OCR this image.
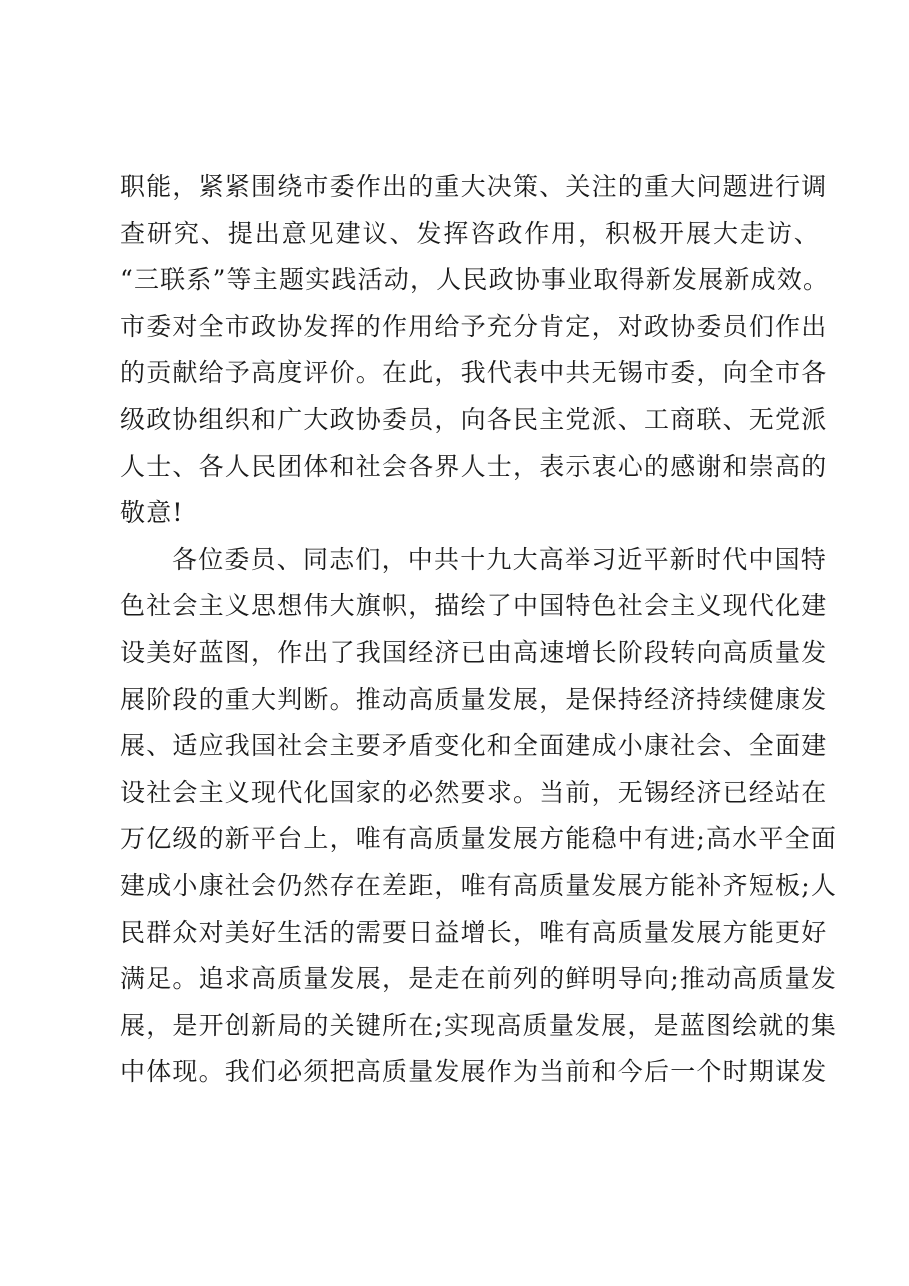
职能，紧紧围绕市委作出的重大决策、关注的重大问题进行调
查研究、提出意见建议、发挥咨政作用，积极开展大走访、
“三联系”等主题实践活动，人民政协事业取得新发展新成效。
市委对全市政协发挥的作用给予充分肯定，对政协委员们作出
的贡献给予高度评价。在此，我代表中共无锡市委，向全市各
级政协组织和广大政协委员，向各民主党派、工商联、无党派
人士、各人民团体和社会各界人士，表示衷心的感谢和崇高的
敬意!
各位委员、同志们，中共十九大高举习近平新时代中国特
色社会主义思想伟大旗帜，描绘了中国特色社会主义现代化建
设美好蓝图，作出了我国经济已由高速增长阶段转向高质量发
展阶段的重大判断。推动高质量发展，是保持经济持续健康发
展、适应我国社会主要矛盾变化和全面建成小康社会、全面建
设社会主义现代化国家的必然要求。当前，无锡经济已经站在
万亿级的新平台上，唯有高质量发展方能稳中有进;高水平全面
建成小康社会仍然存在差距，唯有高质量发展方能补齐短板;人
民群众对美好生活的需要日益增长，唯有高质量发展方能更好
满足。追求高质量发展，是走在前列的鲜明导向;推动高质量发
展，是开创新局的关键所在;实现高质量发展，是蓝图绘就的集
中体现。我们必须把高质量发展作为当前和今后一个时期谋发
